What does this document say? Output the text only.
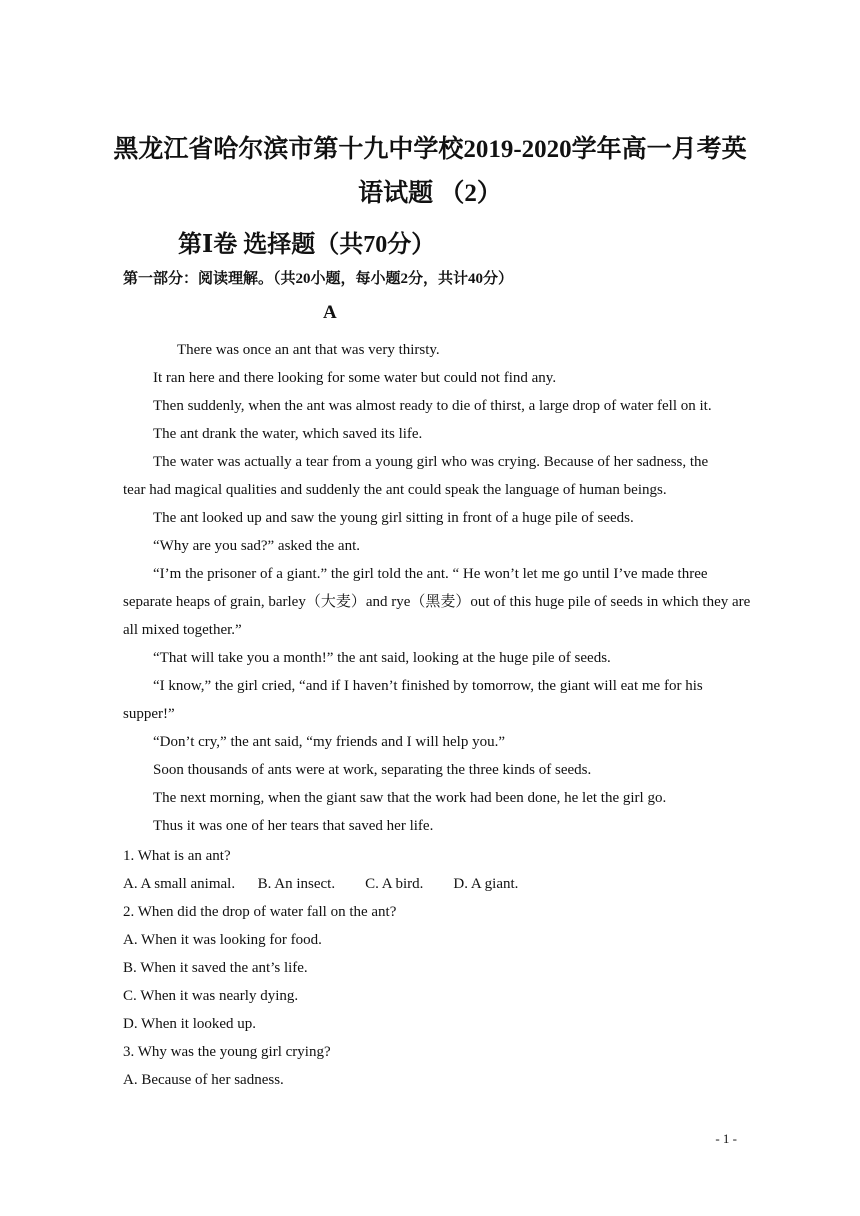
黑龙江省哈尔滨市第十九中学校2019-2020学年高一月考英
语试题 （2）
第Ⅰ卷 选择题（共70分）
第一部分：阅读理解。（共20小题，每小题2分，共计40分）
A
There was once an ant that was very thirsty.
It ran here and there looking for some water but could not find any.
Then suddenly, when the ant was almost ready to die of thirst, a large drop of water fell on it.
The ant drank the water, which saved its life.
The water was actually a tear from a young girl who was crying. Because of her sadness, the
tear had magical qualities and suddenly the ant could speak the language of human beings.
The ant looked up and saw the young girl sitting in front of a huge pile of seeds.
“Why are you sad?” asked the ant.
“I’m the prisoner of a giant.” the girl told the ant. “ He won’t let me go until I’ve made three
separate heaps of grain, barley（大麦）and rye（黑麦）out of this huge pile of seeds in which they are
all mixed together.”
“That will take you a month!” the ant said, looking at the huge pile of seeds.
“I know,” the girl cried, “and if I haven’t finished by tomorrow, the giant will eat me for his
supper!”
“Don’t cry,” the ant said, “my friends and I will help you.”
Soon thousands of ants were at work, separating the three kinds of seeds.
The next morning, when the giant saw that the work had been done, he let the girl go.
Thus it was one of her tears that saved her life.
1. What is an ant?
A. A small animal.      B. An insect.        C. A bird.        D. A giant.
2. When did the drop of water fall on the ant?
A. When it was looking for food.
B. When it saved the ant’s life.
C. When it was nearly dying.
D. When it looked up.
3. Why was the young girl crying?
A. Because of her sadness.
- 1 -
